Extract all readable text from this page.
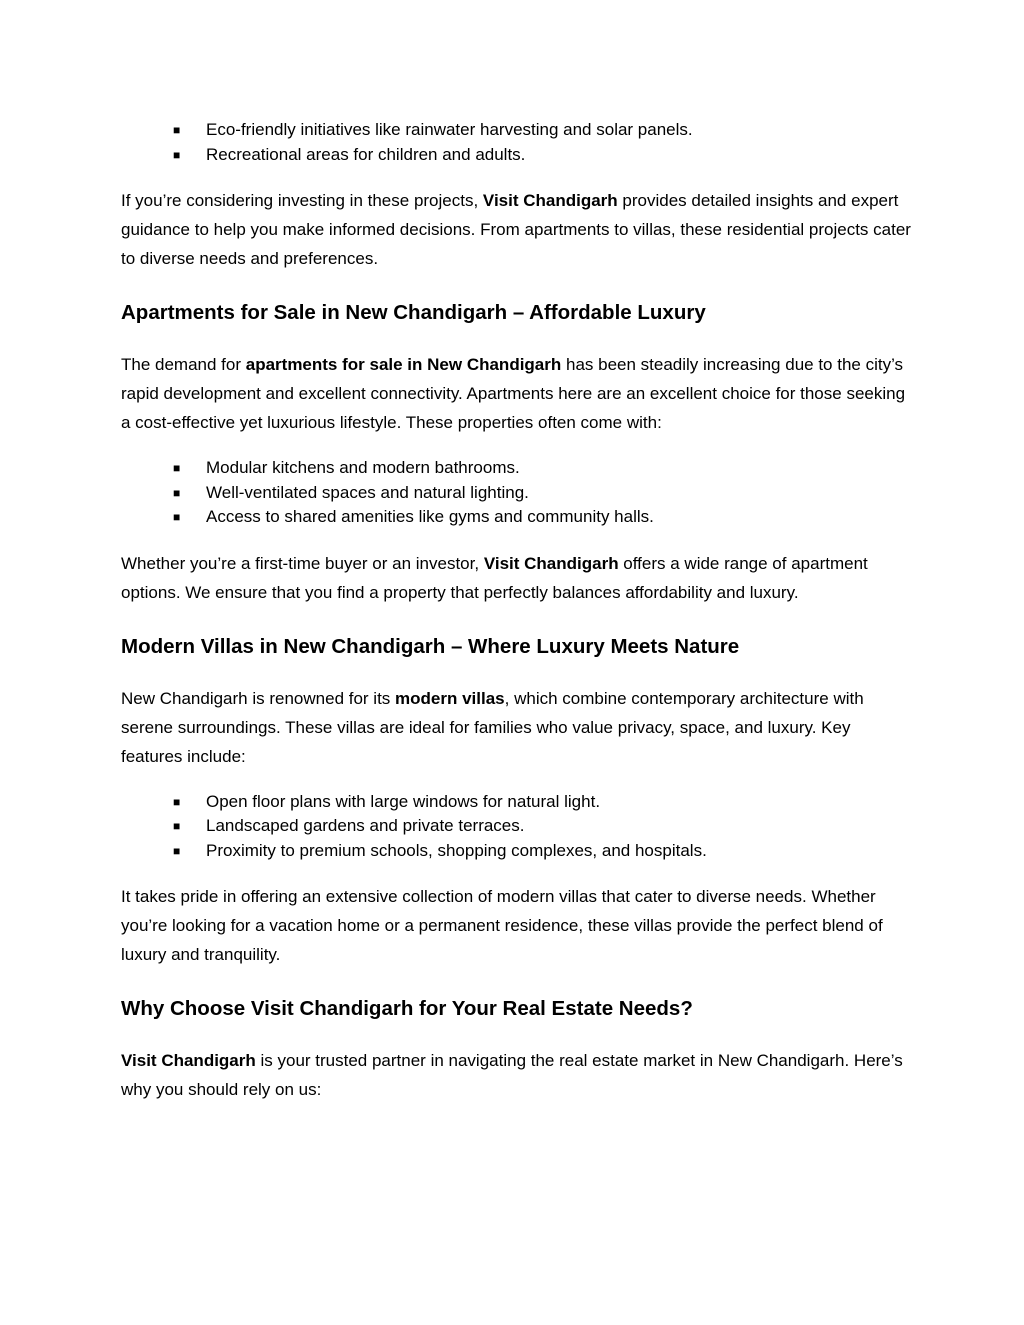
■ Eco-friendly initiatives like rainwater harvesting and solar panels.
■ Recreational areas for children and adults.

If you’re considering investing in these projects, Visit Chandigarh provides detailed insights and expert guidance to help you make informed decisions. From apartments to villas, these residential projects cater to diverse needs and preferences.

Apartments for Sale in New Chandigarh – Affordable Luxury

The demand for apartments for sale in New Chandigarh has been steadily increasing due to the city’s rapid development and excellent connectivity. Apartments here are an excellent choice for those seeking a cost-effective yet luxurious lifestyle. These properties often come with:

■ Modular kitchens and modern bathrooms.
■ Well-ventilated spaces and natural lighting.
■ Access to shared amenities like gyms and community halls.

Whether you’re a first-time buyer or an investor, Visit Chandigarh offers a wide range of apartment options. We ensure that you find a property that perfectly balances affordability and luxury.

Modern Villas in New Chandigarh – Where Luxury Meets Nature

New Chandigarh is renowned for its modern villas, which combine contemporary architecture with serene surroundings. These villas are ideal for families who value privacy, space, and luxury. Key features include:

■ Open floor plans with large windows for natural light.
■ Landscaped gardens and private terraces.
■ Proximity to premium schools, shopping complexes, and hospitals.

It takes pride in offering an extensive collection of modern villas that cater to diverse needs. Whether you’re looking for a vacation home or a permanent residence, these villas provide the perfect blend of luxury and tranquility.

Why Choose Visit Chandigarh for Your Real Estate Needs?

Visit Chandigarh is your trusted partner in navigating the real estate market in New Chandigarh. Here’s why you should rely on us:
